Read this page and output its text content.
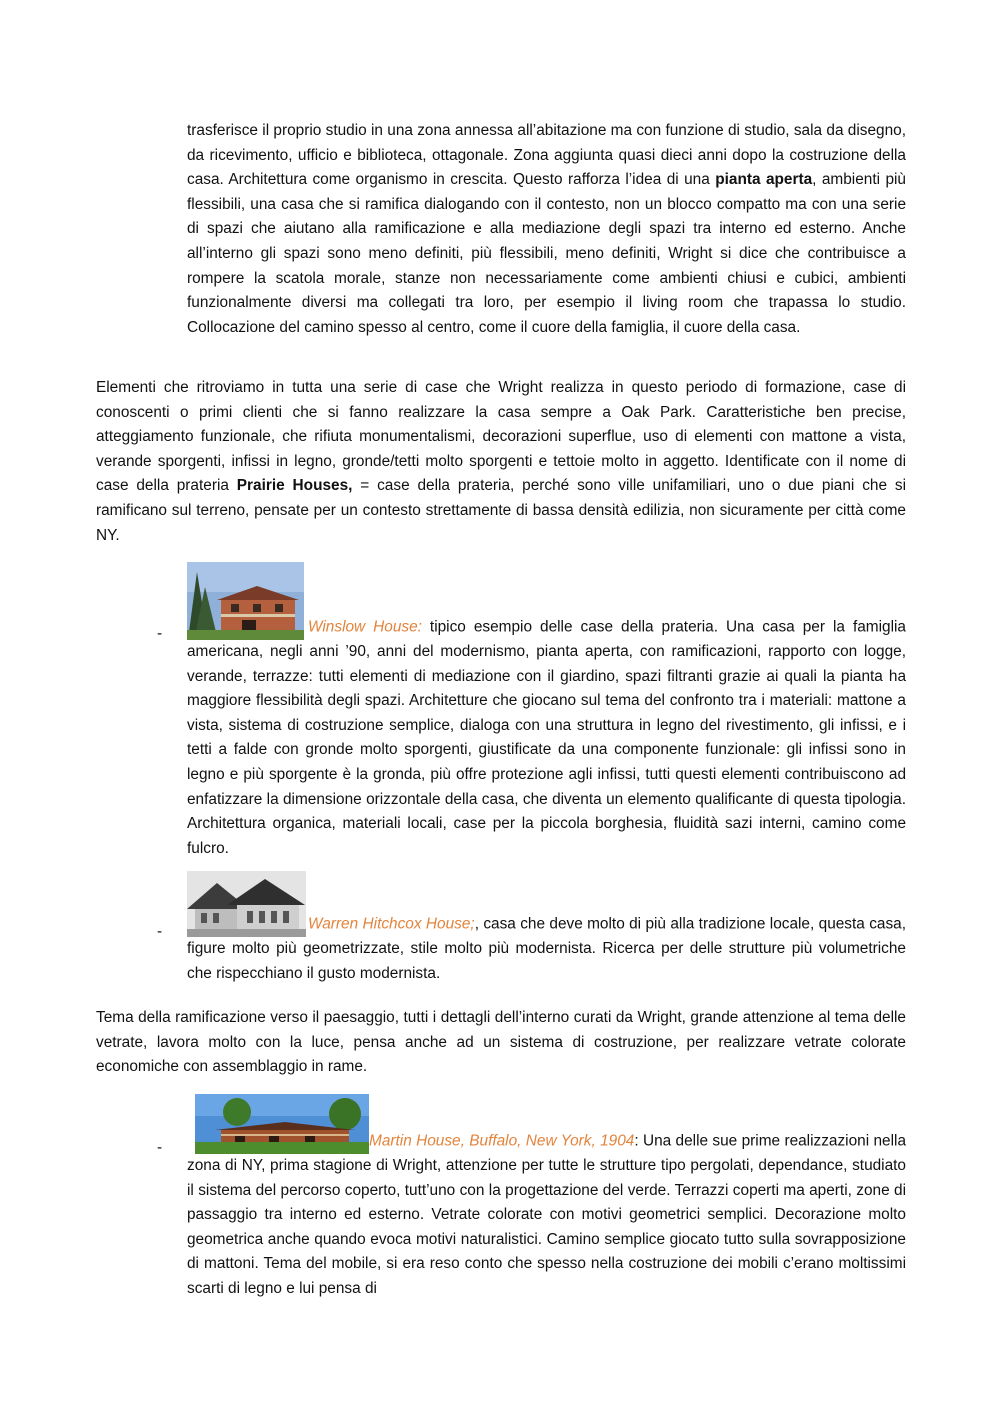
trasferisce il proprio studio in una zona annessa all’abitazione ma con funzione di studio, sala da disegno, da ricevimento, ufficio e biblioteca, ottagonale. Zona aggiunta quasi dieci anni dopo la costruzione della casa. Architettura come organismo in crescita. Questo rafforza l’idea di una pianta aperta, ambienti più flessibili, una casa che si ramifica dialogando con il contesto, non un blocco compatto ma con una serie di spazi che aiutano alla ramificazione e alla mediazione degli spazi tra interno ed esterno. Anche all’interno gli spazi sono meno definiti, più flessibili, meno definiti, Wright si dice che contribuisce a rompere la scatola morale, stanze non necessariamente come ambienti chiusi e cubici, ambienti funzionalmente diversi ma collegati tra loro, per esempio il living room che trapassa lo studio. Collocazione del camino spesso al centro, come il cuore della famiglia, il cuore della casa.

Elementi che ritroviamo in tutta una serie di case che Wright realizza in questo periodo di formazione, case di conoscenti o primi clienti che si fanno realizzare la casa sempre a Oak Park. Caratteristiche ben precise, atteggiamento funzionale, che rifiuta monumentalismi, decorazioni superflue, uso di elementi con mattone a vista, verande sporgenti, infissi in legno, gronde/tetti molto sporgenti e tettoie molto in aggetto. Identificate con il nome di case della prateria Prairie Houses, = case della prateria, perché sono ville unifamiliari, uno o due piani che si ramificano sul terreno, pensate per un contesto strettamente di bassa densità edilizia, non sicuramente per città come NY.

-	Winslow House: tipico esempio delle case della prateria. Una casa per la famiglia americana, negli anni ’90, anni del modernismo, pianta aperta, con ramificazioni, rapporto con logge, verande, terrazze: tutti elementi di mediazione con il giardino, spazi filtranti grazie ai quali la pianta ha maggiore flessibilità degli spazi. Architetture che giocano sul tema del confronto tra i materiali: mattone a vista, sistema di costruzione semplice, dialoga con una struttura in legno del rivestimento, gli infissi, e i tetti a falde con gronde molto sporgenti, giustificate da una componente funzionale: gli infissi sono in legno e più sporgente è la gronda, più offre protezione agli infissi, tutti questi elementi contribuiscono ad enfatizzare la dimensione orizzontale della casa, che diventa un elemento qualificante di questa tipologia. Architettura organica, materiali locali, case per la piccola borghesia, fluidità sazi interni, camino come fulcro.
-	Warren Hitchcox House;, casa che deve molto di più alla tradizione locale, questa casa, figure molto più geometrizzate, stile molto più modernista. Ricerca per delle strutture più volumetriche che rispecchiano il gusto modernista.

Tema della ramificazione verso il paesaggio, tutti i dettagli dell’interno curati da Wright, grande attenzione al tema delle vetrate, lavora molto con la luce, pensa anche ad un sistema di costruzione, per realizzare vetrate colorate economiche con assemblaggio in rame.

-	Martin House, Buffalo, New York, 1904: Una delle sue prime realizzazioni nella zona di NY, prima stagione di Wright, attenzione per tutte le strutture tipo pergolati, dependance, studiato il sistema del percorso coperto, tutt’uno con la progettazione del verde. Terrazzi coperti ma aperti, zone di passaggio tra interno ed esterno. Vetrate colorate con motivi geometrici semplici. Decorazione molto geometrica anche quando evoca motivi naturalistici. Camino semplice giocato tutto sulla sovrapposizione di mattoni. Tema del mobile, si era reso conto che spesso nella costruzione dei mobili c’erano moltissimi scarti di legno e lui pensa di
